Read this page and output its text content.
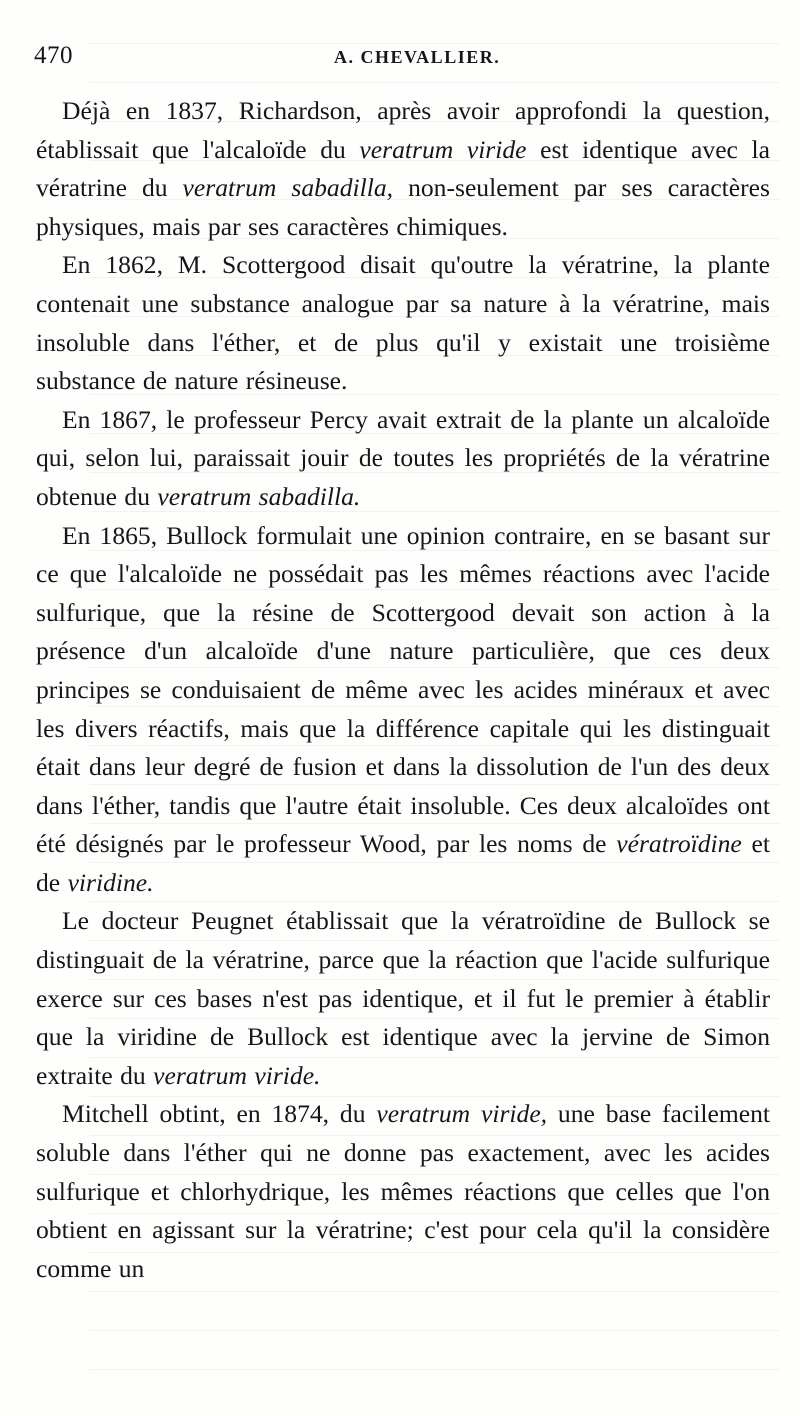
470	A. CHEVALLIER.

Déjà en 1837, Richardson, après avoir approfondi la question, établissait que l'alcaloïde du veratrum viride est identique avec la vératrine du veratrum sabadilla, non-seulement par ses caractères physiques, mais par ses caractères chimiques.

En 1862, M. Scottergood disait qu'outre la vératrine, la plante contenait une substance analogue par sa nature à la vératrine, mais insoluble dans l'éther, et de plus qu'il y existait une troisième substance de nature résineuse.

En 1867, le professeur Percy avait extrait de la plante un alcaloïde qui, selon lui, paraissait jouir de toutes les propriétés de la vératrine obtenue du veratrum sabadilla.

En 1865, Bullock formulait une opinion contraire, en se basant sur ce que l'alcaloïde ne possédait pas les mêmes réactions avec l'acide sulfurique, que la résine de Scottergood devait son action à la présence d'un alcaloïde d'une nature particulière, que ces deux principes se conduisaient de même avec les acides minéraux et avec les divers réactifs, mais que la différence capitale qui les distinguait était dans leur degré de fusion et dans la dissolution de l'un des deux dans l'éther, tandis que l'autre était insoluble. Ces deux alcaloïdes ont été désignés par le professeur Wood, par les noms de vératroïdine et de viridine.

Le docteur Peugnet établissait que la vératroïdine de Bullock se distinguait de la vératrine, parce que la réaction que l'acide sulfurique exerce sur ces bases n'est pas identique, et il fut le premier à établir que la viridine de Bullock est identique avec la jervine de Simon extraite du veratrum viride.

Mitchell obtint, en 1874, du veratrum viride, une base facilement soluble dans l'éther qui ne donne pas exactement, avec les acides sulfurique et chlorhydrique, les mêmes réactions que celles que l'on obtient en agissant sur la vératrine; c'est pour cela qu'il la considère comme un
